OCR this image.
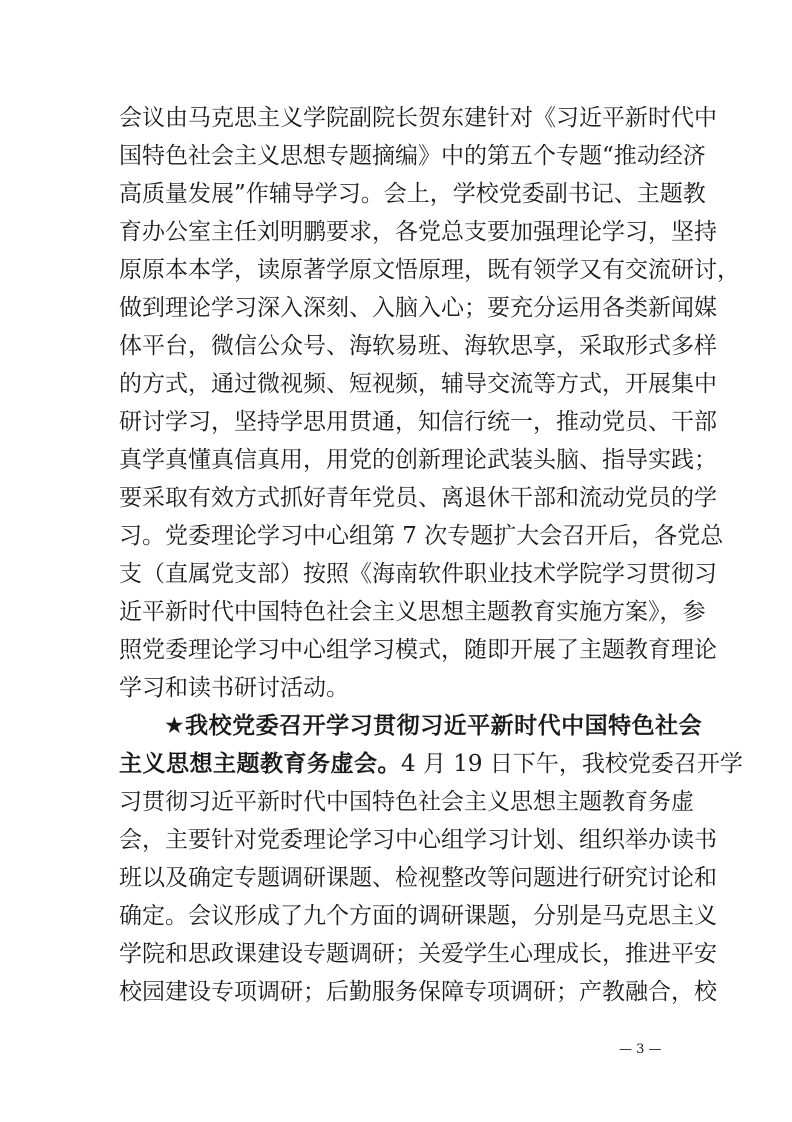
会议由马克思主义学院副院长贺东建针对《习近平新时代中
国特色社会主义思想专题摘编》中的第五个专题“推动经济
高质量发展”作辅导学习。会上，学校党委副书记、主题教
育办公室主任刘明鹏要求，各党总支要加强理论学习，坚持
原原本本学，读原著学原文悟原理，既有领学又有交流研讨，
做到理论学习深入深刻、入脑入心；要充分运用各类新闻媒
体平台，微信公众号、海软易班、海软思享，采取形式多样
的方式，通过微视频、短视频，辅导交流等方式，开展集中
研讨学习，坚持学思用贯通，知信行统一，推动党员、干部
真学真懂真信真用，用党的创新理论武装头脑、指导实践；
要采取有效方式抓好青年党员、离退休干部和流动党员的学
习。党委理论学习中心组第 7 次专题扩大会召开后，各党总
支（直属党支部）按照《海南软件职业技术学院学习贯彻习
近平新时代中国特色社会主义思想主题教育实施方案》，参
照党委理论学习中心组学习模式，随即开展了主题教育理论
学习和读书研讨活动。
★我校党委召开学习贯彻习近平新时代中国特色社会
主义思想主题教育务虚会。4 月 19 日下午，我校党委召开学
习贯彻习近平新时代中国特色社会主义思想主题教育务虚
会，主要针对党委理论学习中心组学习计划、组织举办读书
班以及确定专题调研课题、检视整改等问题进行研究讨论和
确定。会议形成了九个方面的调研课题，分别是马克思主义
学院和思政课建设专题调研；关爱学生心理成长，推进平安
校园建设专项调研；后勤服务保障专项调研；产教融合，校
— 3 —
